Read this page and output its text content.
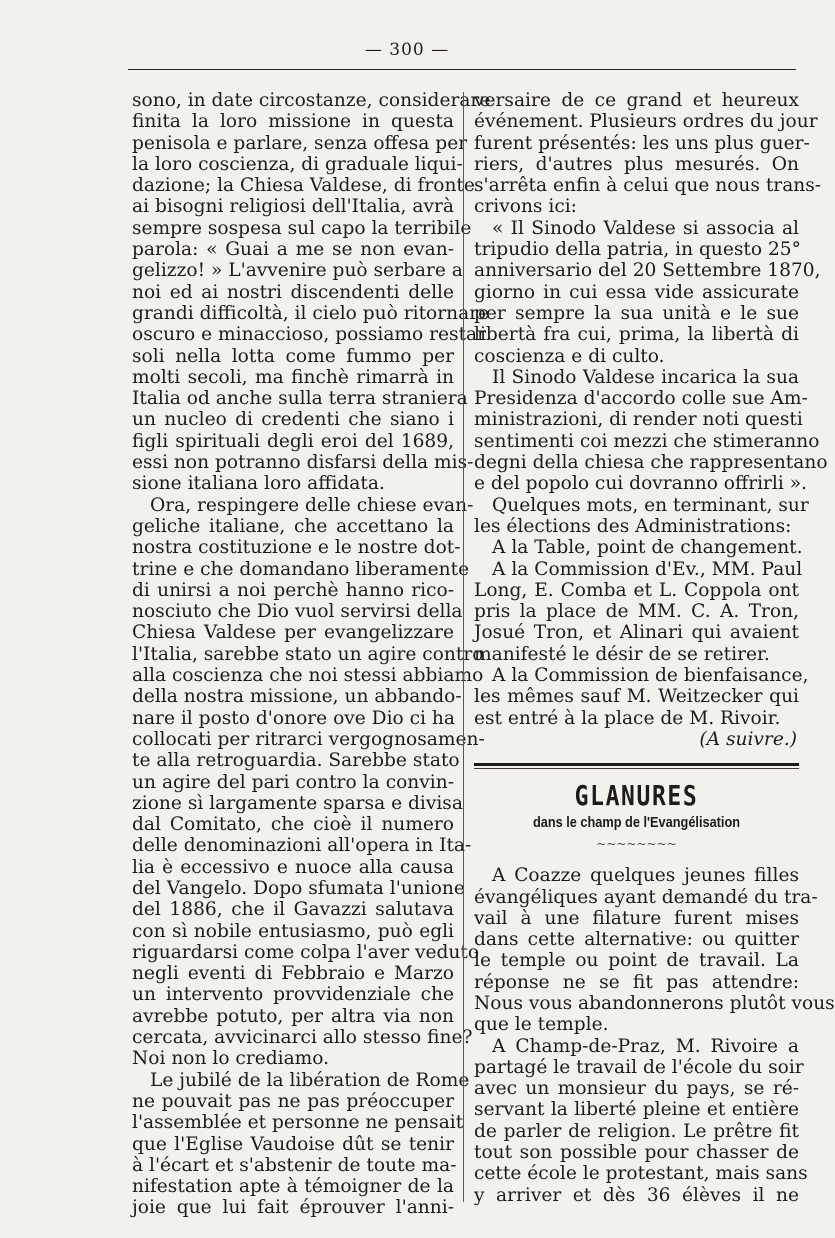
— 300 —
sono, in date circostanze, considerare
finita la loro missione in questa
penisola e parlare, senza offesa per
la loro coscienza, di graduale liqui-
dazione; la Chiesa Valdese, di fronte
ai bisogni religiosi dell'Italia, avrà
sempre sospesa sul capo la terribile
parola: « Guai a me se non evan-
gelizzo! » L'avvenire può serbare a
noi ed ai nostri discendenti delle
grandi difficoltà, il cielo può ritornare
oscuro e minaccioso, possiamo restar
soli nella lotta come fummo per
molti secoli, ma finchè rimarrà in
Italia od anche sulla terra straniera
un nucleo di credenti che siano i
figli spirituali degli eroi del 1689,
essi non potranno disfarsi della mis-
sione italiana loro affidata.
Ora, respingere delle chiese evan-
geliche italiane, che accettano la
nostra costituzione e le nostre dot-
trine e che domandano liberamente
di unirsi a noi perchè hanno rico-
nosciuto che Dio vuol servirsi della
Chiesa Valdese per evangelizzare
l'Italia, sarebbe stato un agire contro
alla coscienza che noi stessi abbiamo
della nostra missione, un abbando-
nare il posto d'onore ove Dio ci ha
collocati per ritrarci vergognosamen-
te alla retroguardia. Sarebbe stato
un agire del pari contro la convin-
zione sì largamente sparsa e divisa
dal Comitato, che cioè il numero
delle denominazioni all'opera in Ita-
lia è eccessivo e nuoce alla causa
del Vangelo. Dopo sfumata l'unione
del 1886, che il Gavazzi salutava
con sì nobile entusiasmo, può egli
riguardarsi come colpa l'aver veduto
negli eventi di Febbraio e Marzo
un intervento provvidenziale che
avrebbe potuto, per altra via non
cercata, avvicinarci allo stesso fine?
Noi non lo crediamo.
Le jubilé de la libération de Rome
ne pouvait pas ne pas préoccuper
l'assemblée et personne ne pensait
que l'Eglise Vaudoise dût se tenir
à l'écart et s'abstenir de toute ma-
nifestation apte à témoigner de la
joie que lui fait éprouver l'anni-
versaire de ce grand et heureux
événement. Plusieurs ordres du jour
furent présentés: les uns plus guer-
riers, d'autres plus mesurés. On
s'arrêta enfin à celui que nous trans-
crivons ici:
« Il Sinodo Valdese si associa al
tripudio della patria, in questo 25°
anniversario del 20 Settembre 1870,
giorno in cui essa vide assicurate
per sempre la sua unità e le sue
libertà fra cui, prima, la libertà di
coscienza e di culto.
Il Sinodo Valdese incarica la sua
Presidenza d'accordo colle sue Am-
ministrazioni, di render noti questi
sentimenti coi mezzi che stimeranno
degni della chiesa che rappresentano
e del popolo cui dovranno offrirli ».
Quelques mots, en terminant, sur
les élections des Administrations:
A la Table, point de changement.
A la Commission d'Ev., MM. Paul
Long, E. Comba et L. Coppola ont
pris la place de MM. C. A. Tron,
Josué Tron, et Alinari qui avaient
manifesté le désir de se retirer.
A la Commission de bienfaisance,
les mêmes sauf M. Weitzecker qui
est entré à la place de M. Rivoir.
(A suivre.)
GLANURES
dans le champ de l'Evangélisation
~~~~~~~~
A Coazze quelques jeunes filles
évangéliques ayant demandé du tra-
vail à une filature furent mises
dans cette alternative: ou quitter
le temple ou point de travail. La
réponse ne se fit pas attendre:
Nous vous abandonnerons plutôt vous
que le temple.
A Champ-de-Praz, M. Rivoire a
partagé le travail de l'école du soir
avec un monsieur du pays, se ré-
servant la liberté pleine et entière
de parler de religion. Le prêtre fit
tout son possible pour chasser de
cette école le protestant, mais sans
y arriver et dès 36 élèves il ne
